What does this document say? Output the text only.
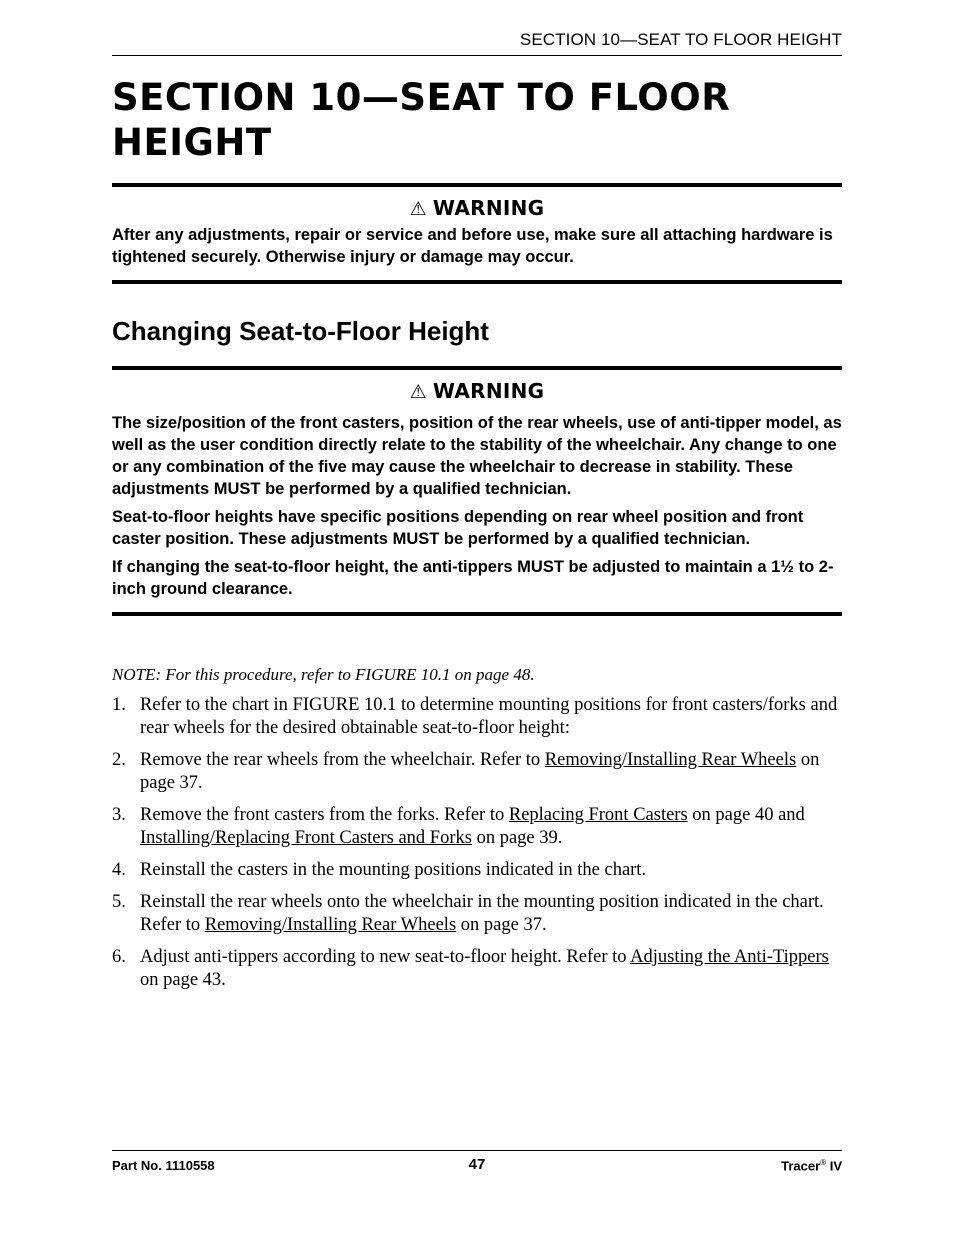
SECTION 10—SEAT TO FLOOR HEIGHT
SECTION 10—SEAT TO FLOOR HEIGHT
⚠ WARNING

After any adjustments, repair or service and before use, make sure all attaching hardware is tightened securely. Otherwise injury or damage may occur.

Changing Seat-to-Floor Height
⚠ WARNING

The size/position of the front casters, position of the rear wheels, use of anti-tipper model, as well as the user condition directly relate to the stability of the wheelchair. Any change to one or any combination of the five may cause the wheelchair to decrease in stability. These adjustments MUST be performed by a qualified technician.

Seat-to-floor heights have specific positions depending on rear wheel position and front caster position. These adjustments MUST be performed by a qualified technician.

If changing the seat-to-floor height, the anti-tippers MUST be adjusted to maintain a 1½ to 2-inch ground clearance.

NOTE: For this procedure, refer to FIGURE 10.1 on page 48.

1. Refer to the chart in FIGURE 10.1 to determine mounting positions for front casters/forks and rear wheels for the desired obtainable seat-to-floor height:
2. Remove the rear wheels from the wheelchair. Refer to Removing/Installing Rear Wheels on page 37.
3. Remove the front casters from the forks. Refer to Replacing Front Casters on page 40 and Installing/Replacing Front Casters and Forks on page 39.
4. Reinstall the casters in the mounting positions indicated in the chart.
5. Reinstall the rear wheels onto the wheelchair in the mounting position indicated in the chart. Refer to Removing/Installing Rear Wheels on page 37.
6. Adjust anti-tippers according to new seat-to-floor height. Refer to Adjusting the Anti-Tippers on page 43.
Part No. 1110558	47	Tracer® IV
